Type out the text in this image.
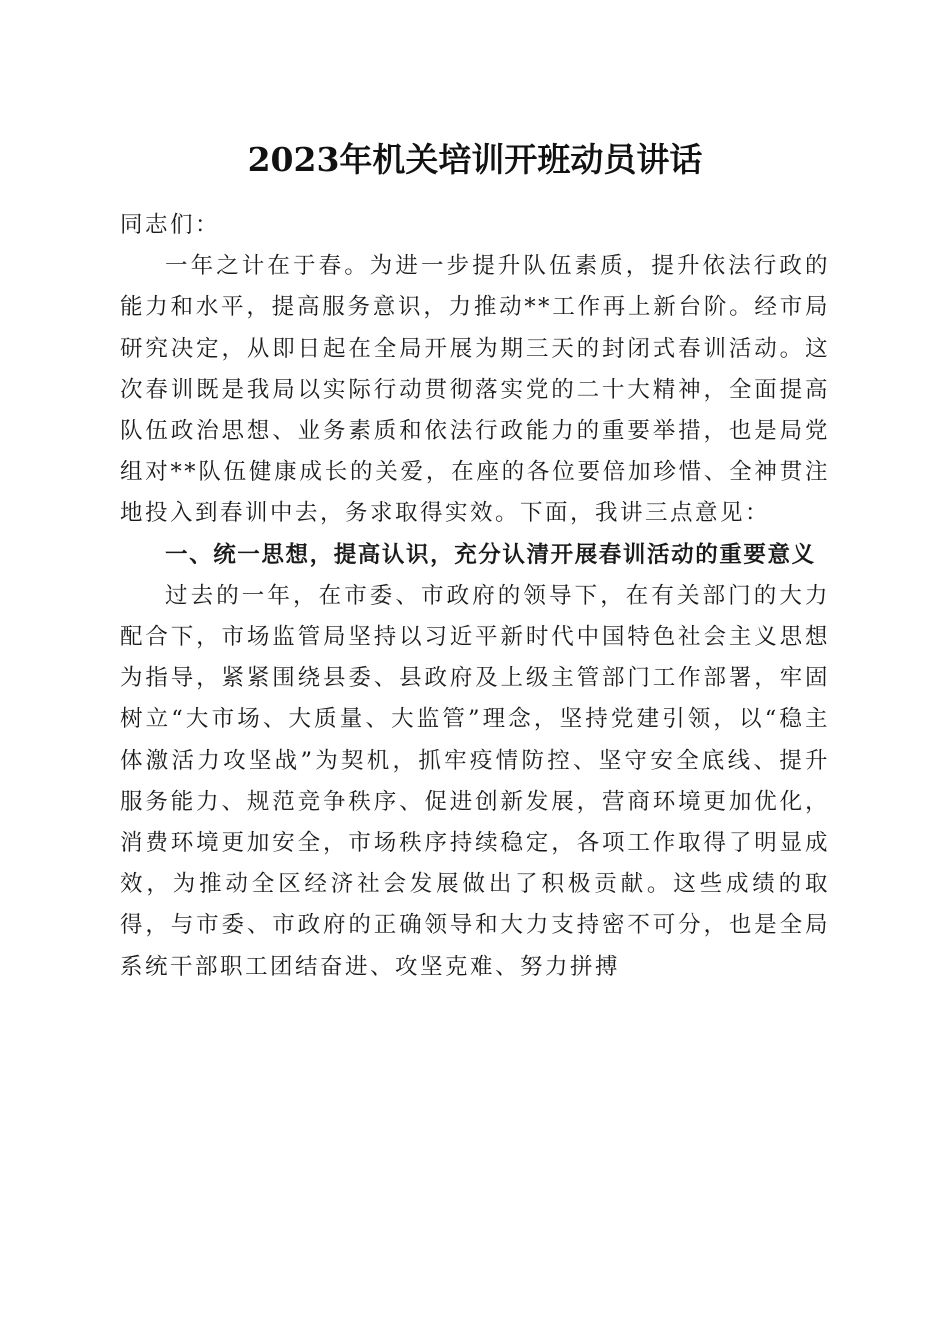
2023年机关培训开班动员讲话

同志们：

一年之计在于春。为进一步提升队伍素质，提升依法行政的能力和水平，提高服务意识，力推动**工作再上新台阶。经市局研究决定，从即日起在全局开展为期三天的封闭式春训活动。这次春训既是我局以实际行动贯彻落实党的二十大精神，全面提高队伍政治思想、业务素质和依法行政能力的重要举措，也是局党组对**队伍健康成长的关爱，在座的各位要倍加珍惜、全神贯注地投入到春训中去，务求取得实效。下面，我讲三点意见：

一、统一思想，提高认识，充分认清开展春训活动的重要意义

过去的一年，在市委、市政府的领导下，在有关部门的大力配合下，市场监管局坚持以习近平新时代中国特色社会主义思想为指导，紧紧围绕县委、县政府及上级主管部门工作部署，牢固树立“大市场、大质量、大监管”理念，坚持党建引领，以“稳主体激活力攻坚战”为契机，抓牢疫情防控、坚守安全底线、提升服务能力、规范竞争秩序、促进创新发展，营商环境更加优化，消费环境更加安全，市场秩序持续稳定，各项工作取得了明显成效，为推动全区经济社会发展做出了积极贡献。这些成绩的取得，与市委、市政府的正确领导和大力支持密不可分，也是全局系统干部职工团结奋进、攻坚克难、努力拼搏
